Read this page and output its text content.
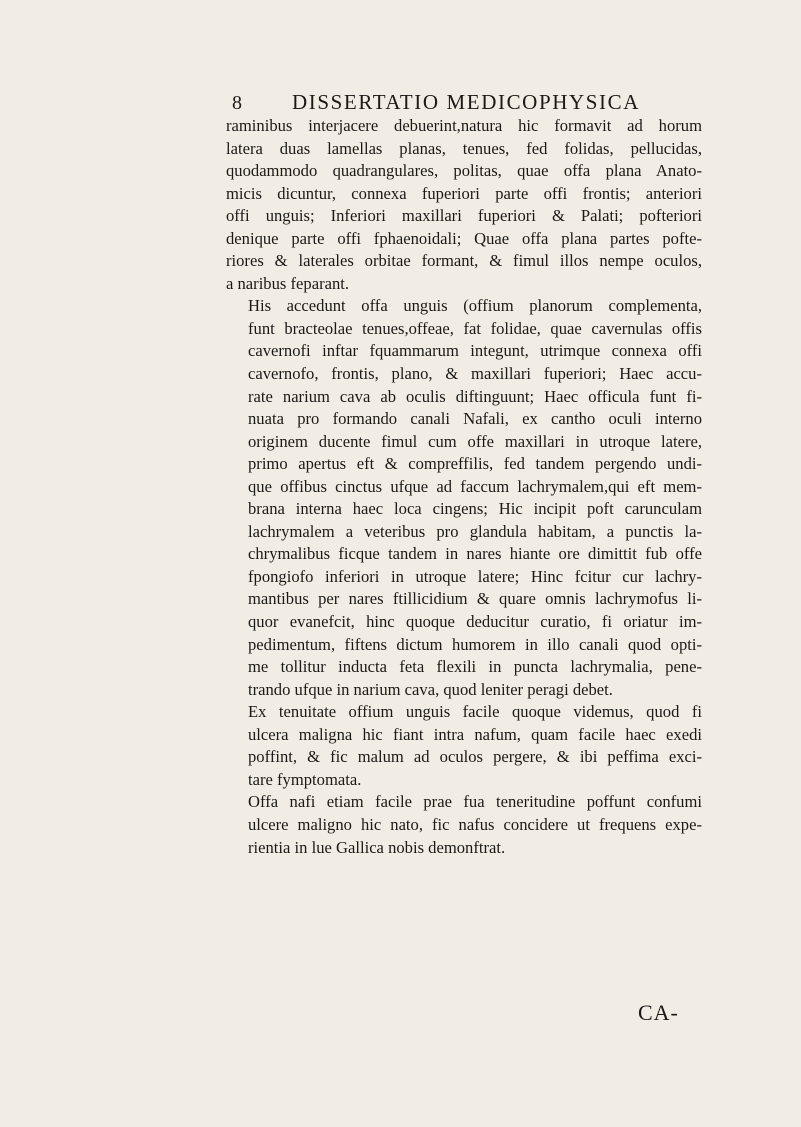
8	DISSERTATIO MEDICOPHYSICA

raminibus interjacere debuerint,natura hic formavit ad horum
latera duas lamellas planas, tenues, fed folidas, pellucidas,
quodammodo quadrangulares, politas, quae offa plana Anato-
micis dicuntur, connexa fuperiori parte offi frontis; anteriori
offi unguis; Inferiori maxillari fuperiori & Palati; pofteriori
denique parte offi fphaenoidali; Quae offa plana partes pofte-
riores & laterales orbitae formant, & fimul illos nempe oculos,
a naribus feparant.

His accedunt offa unguis (offium planorum complementa,
funt bracteolae tenues,offeae, fat folidae, quae cavernulas offis
cavernofi inftar fquammarum integunt, utrimque connexa offi
cavernofo, frontis, plano, & maxillari fuperiori; Haec accu-
rate narium cava ab oculis diftinguunt; Haec officula funt fi-
nuata pro formando canali Nafali, ex cantho oculi interno
originem ducente fimul cum offe maxillari in utroque latere,
primo apertus eft & compreffilis, fed tandem pergendo undi-
que offibus cinctus ufque ad faccum lachrymalem,qui eft mem-
brana interna haec loca cingens; Hic incipit poft carunculam
lachrymalem a veteribus pro glandula habitam, a punctis la-
chrymalibus ficque tandem in nares hiante ore dimittit fub offe
fpongiofo inferiori in utroque latere; Hinc fcitur cur lachry-
mantibus per nares ftillicidium & quare omnis lachrymofus li-
quor evanefcit, hinc quoque deducitur curatio, fi oriatur im-
pedimentum, fiftens dictum humorem in illo canali quod opti-
me tollitur inducta feta flexili in puncta lachrymalia, pene-
trando ufque in narium cava, quod leniter peragi debet.

Ex tenuitate offium unguis facile quoque videmus, quod fi
ulcera maligna hic fiant intra nafum, quam facile haec exedi
poffint, & fic malum ad oculos pergere, & ibi peffima exci-
tare fymptomata.

Offa nafi etiam facile prae fua teneritudine poffunt confumi
ulcere maligno hic nato, fic nafus concidere ut frequens expe-
rientia in lue Gallica nobis demonftrat.

CA-
